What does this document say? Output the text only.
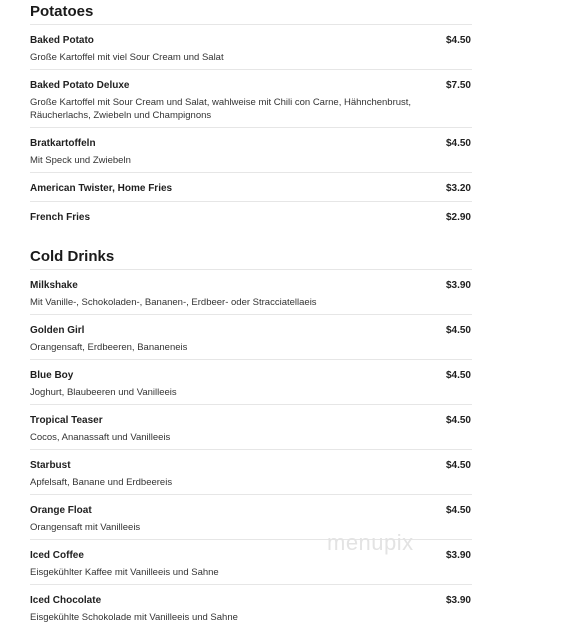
Potatoes
Baked Potato
Große Kartoffel mit viel Sour Cream und Salat
$4.50
Baked Potato Deluxe
Große Kartoffel mit Sour Cream und Salat, wahlweise mit Chili con Carne, Hähnchenbrust, Räucherlachs, Zwiebeln und Champignons
$7.50
Bratkartoffeln
Mit Speck und Zwiebeln
$4.50
American Twister, Home Fries	$3.20
French Fries	$2.90
Cold Drinks
Milkshake
Mit Vanille-, Schokoladen-, Bananen-, Erdbeer- oder Stracciatellaeis
$3.90
Golden Girl
Orangensaft, Erdbeeren, Bananeneis
$4.50
Blue Boy
Joghurt, Blaubeeren und Vanilleeis
$4.50
Tropical Teaser
Cocos, Ananassaft und Vanilleeis
$4.50
Starbust
Apfelsaft, Banane und Erdbeereis
$4.50
Orange Float
Orangensaft mit Vanilleeis
$4.50
Iced Coffee
Eisgekühlter Kaffee mit Vanilleeis und Sahne
$3.90
Iced Chocolate
Eisgekühlte Schokolade mit Vanilleeis und Sahne
$3.90
menupix
